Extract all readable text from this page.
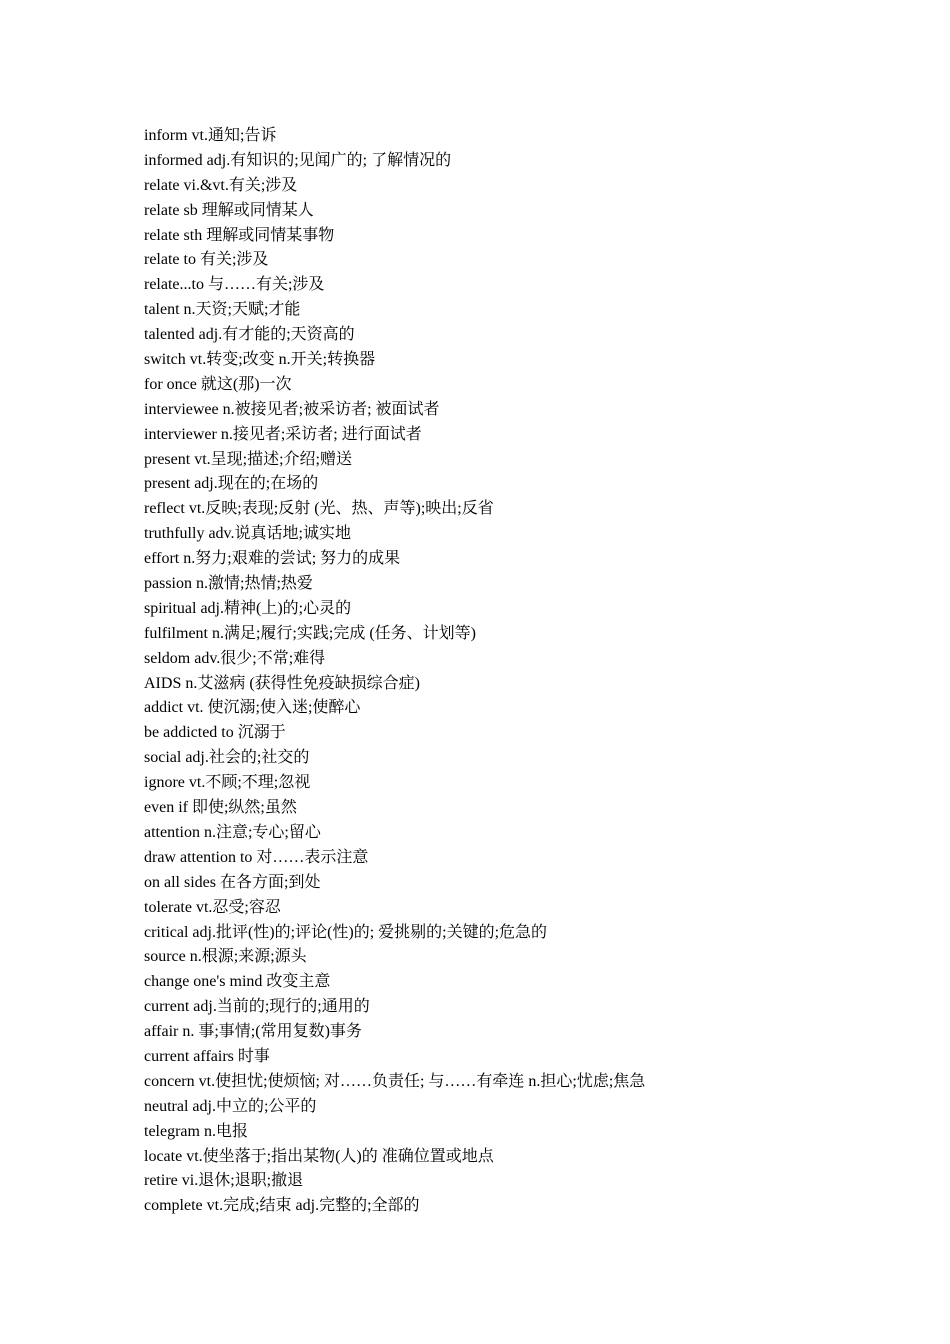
inform vt.通知;告诉
informed adj.有知识的;见闻广的; 了解情况的
relate vi.&vt.有关;涉及
relate sb 理解或同情某人
relate sth 理解或同情某事物
relate to 有关;涉及
relate...to 与……有关;涉及
talent n.天资;天赋;才能
talented adj.有才能的;天资高的
switch vt.转变;改变 n.开关;转换器
for once 就这(那)一次
interviewee n.被接见者;被采访者; 被面试者
interviewer n.接见者;采访者; 进行面试者
present vt.呈现;描述;介绍;赠送
present adj.现在的;在场的
reflect vt.反映;表现;反射 (光、热、声等);映出;反省
truthfully adv.说真话地;诚实地
effort n.努力;艰难的尝试; 努力的成果
passion n.激情;热情;热爱
spiritual adj.精神(上)的;心灵的
fulfilment n.满足;履行;实践;完成 (任务、计划等)
seldom adv.很少;不常;难得
AIDS n.艾滋病 (获得性免疫缺损综合症)
addict vt. 使沉溺;使入迷;使醉心
be addicted to 沉溺于
social adj.社会的;社交的
ignore vt.不顾;不理;忽视
even if 即使;纵然;虽然
attention n.注意;专心;留心
draw attention to 对……表示注意
on all sides 在各方面;到处
tolerate vt.忍受;容忍
critical adj.批评(性)的;评论(性)的; 爱挑剔的;关键的;危急的
source n.根源;来源;源头
change one's mind 改变主意
current adj.当前的;现行的;通用的
affair n. 事;事情;(常用复数)事务
current affairs 时事
concern vt.使担忧;使烦恼; 对……负责任; 与……有牵连 n.担心;忧虑;焦急
neutral adj.中立的;公平的
telegram n.电报
locate vt.使坐落于;指出某物(人)的 准确位置或地点
retire vi.退休;退职;撤退
complete vt.完成;结束 adj.完整的;全部的
